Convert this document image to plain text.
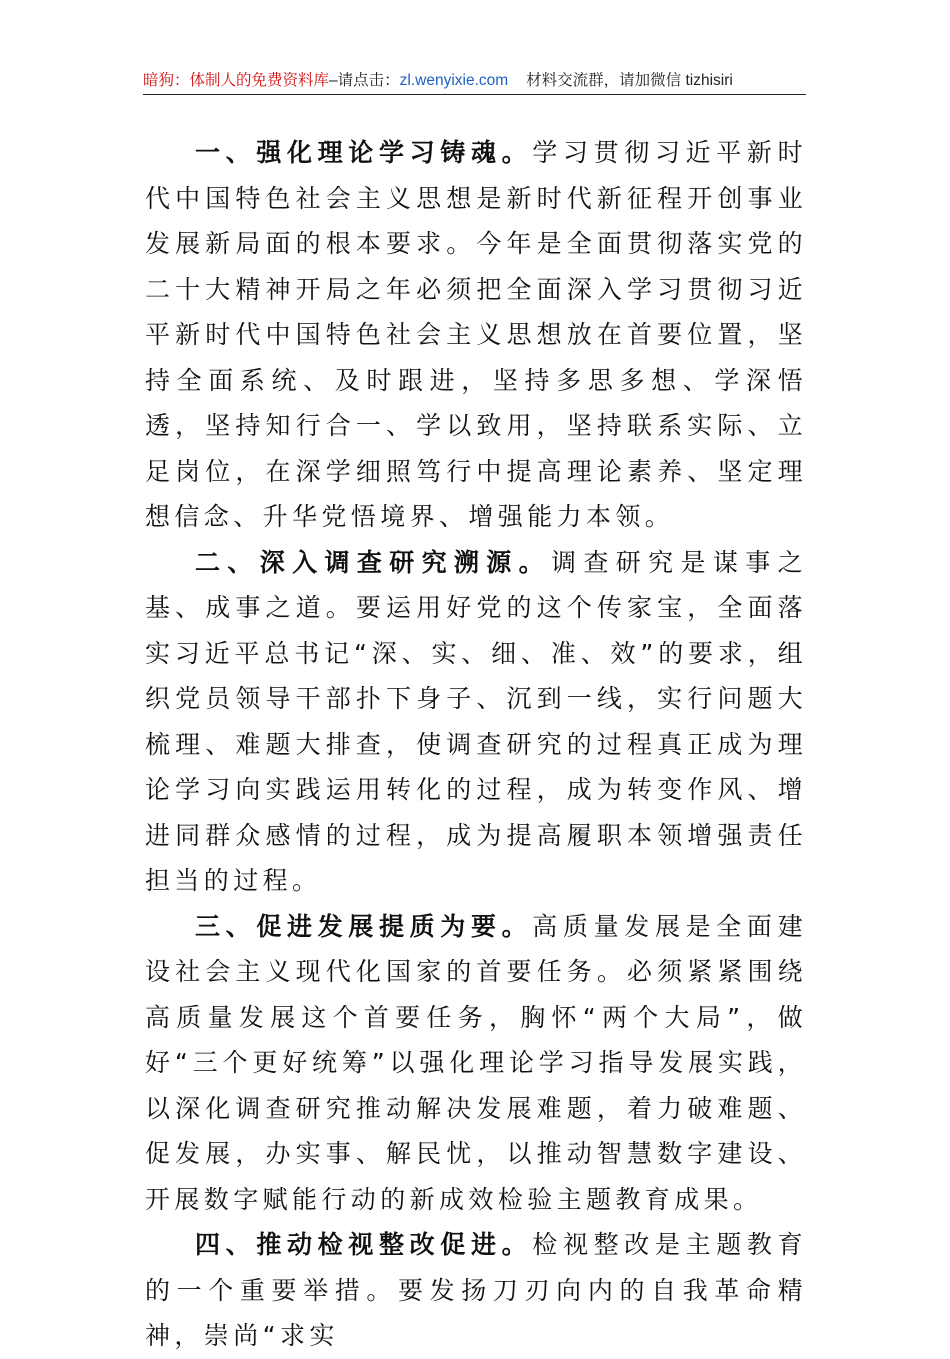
暗狗：体制人的免费资料库–请点击：zl.wenyixie.com 材料交流群，请加微信 tizhisiri

一、强化理论学习铸魂。学习贯彻习近平新时代中国特色社会主义思想是新时代新征程开创事业发展新局面的根本要求。今年是全面贯彻落实党的二十大精神开局之年必须把全面深入学习贯彻习近平新时代中国特色社会主义思想放在首要位置，坚持全面系统、及时跟进，坚持多思多想、学深悟透，坚持知行合一、学以致用，坚持联系实际、立足岗位，在深学细照笃行中提高理论素养、坚定理想信念、升华党悟境界、增强能力本领。

二、深入调查研究溯源。调查研究是谋事之基、成事之道。要运用好党的这个传家宝，全面落实习近平总书记“深、实、细、准、效”的要求，组织党员领导干部扑下身子、沉到一线，实行问题大梳理、难题大排查，使调查研究的过程真正成为理论学习向实践运用转化的过程，成为转变作风、增进同群众感情的过程，成为提高履职本领增强责任担当的过程。

三、促进发展提质为要。高质量发展是全面建设社会主义现代化国家的首要任务。必须紧紧围绕高质量发展这个首要任务，胸怀“两个大局”，做好“三个更好统筹”以强化理论学习指导发展实践，以深化调查研究推动解决发展难题，着力破难题、促发展，办实事、解民忧，以推动智慧数字建设、开展数字赋能行动的新成效检验主题教育成果。

四、推动检视整改促进。检视整改是主题教育的一个重要举措。要发扬刀刃向内的自我革命精神，崇尚“求实
